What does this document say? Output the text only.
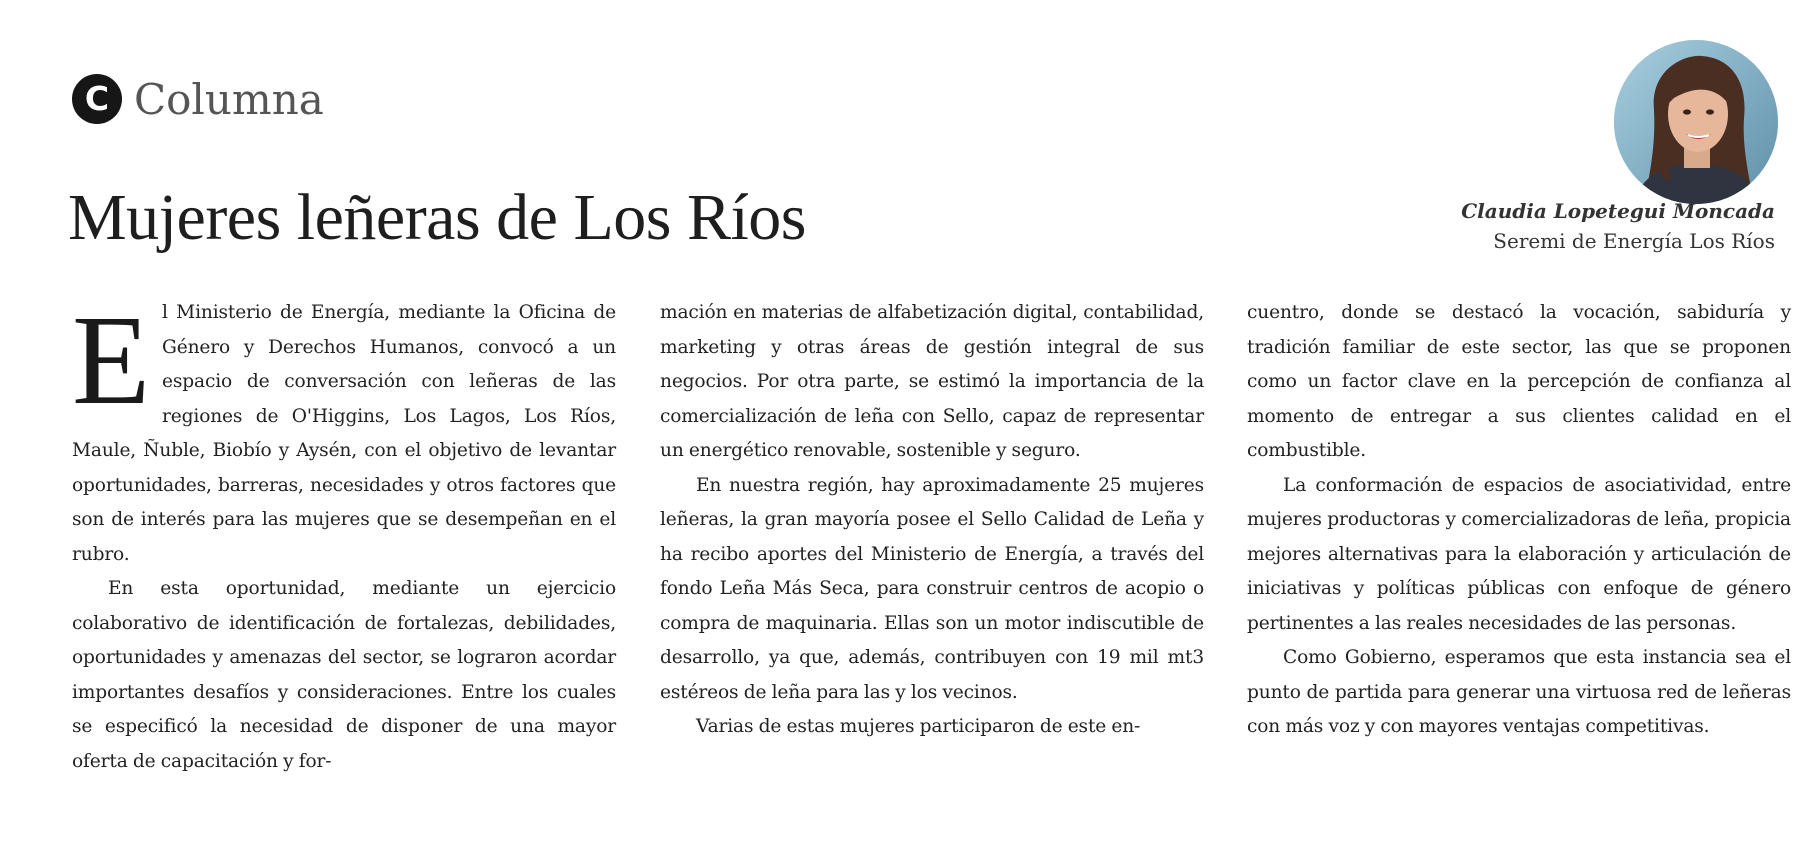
C Columna
Mujeres leñeras de Los Ríos	Claudia Lopetegui Moncada
Seremi de Energía Los Ríos

El Ministerio de Energía, mediante la Oficina de Género y Derechos Humanos, convocó a un espacio de conversación con leñeras de las regiones de O'Higgins, Los Lagos, Los Ríos, Maule, Ñuble, Biobío y Aysén, con el objetivo de levantar oportunidades, barreras, necesidades y otros factores que son de interés para las mujeres que se desempeñan en el rubro.

En esta oportunidad, mediante un ejercicio colaborativo de identificación de fortalezas, debilidades, oportunidades y amenazas del sector, se lograron acordar importantes desafíos y consideraciones. Entre los cuales se especificó la necesidad de disponer de una mayor oferta de capacitación y for-

mación en materias de alfabetización digital, contabilidad, marketing y otras áreas de gestión integral de sus negocios. Por otra parte, se estimó la importancia de la comercialización de leña con Sello, capaz de representar un energético renovable, sostenible y seguro.

En nuestra región, hay aproximadamente 25 mujeres leñeras, la gran mayoría posee el Sello Calidad de Leña y ha recibo aportes del Ministerio de Energía, a través del fondo Leña Más Seca, para construir centros de acopio o compra de maquinaria. Ellas son un motor indiscutible de desarrollo, ya que, además, contribuyen con 19 mil mt3 estéreos de leña para las y los vecinos.

Varias de estas mujeres participaron de este en-

cuentro, donde se destacó la vocación, sabiduría y tradición familiar de este sector, las que se proponen como un factor clave en la percepción de confianza al momento de entregar a sus clientes calidad en el combustible.

La conformación de espacios de asociatividad, entre mujeres productoras y comercializadoras de leña, propicia mejores alternativas para la elaboración y articulación de iniciativas y políticas públicas con enfoque de género pertinentes a las reales necesidades de las personas.

Como Gobierno, esperamos que esta instancia sea el punto de partida para generar una virtuosa red de leñeras con más voz y con mayores ventajas competitivas.
